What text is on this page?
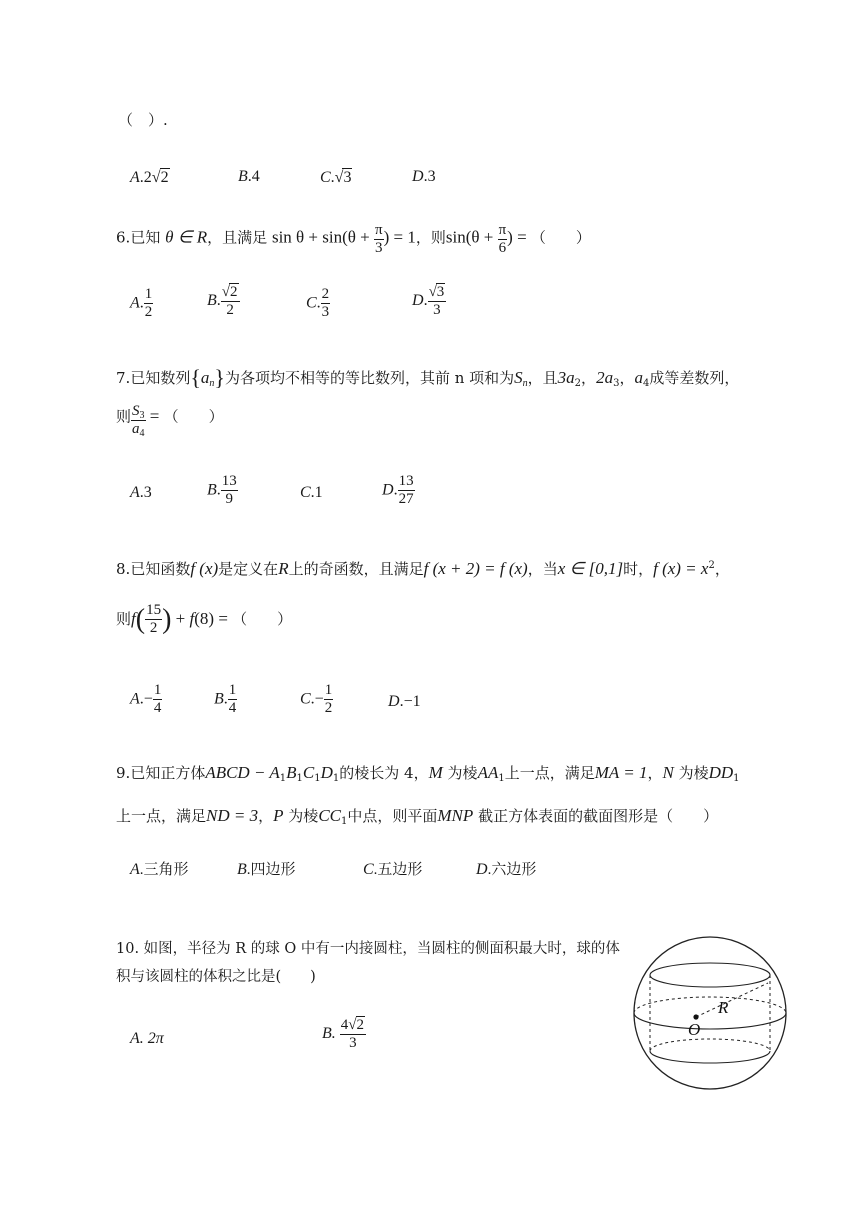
（　）.
A.2√2	B.4	C.√3	D.3
6.已知 θ ∈ R，且满足 $\sin \theta + \sin(\theta + \frac{\pi}{3}$ ) = 1，则$\sin(\theta + \frac{\pi}{6}$ ) = （　　）
A. $\frac{1}{2}$	B. $\frac{√2}{2}$	C. $\frac{2}{3}$	D. $\frac{√3}{3}$
7.已知数列$\{a_n\}$为各项均不相等的等比数列，其前 n 项和为$S_n$，且$3a_2$，$2a_3$，$a_4$成等差数列，
则 $\frac{S_3}{a_4}$ = （　　）
A.3	B. $\frac{13}{9}$	C.1	D. $\frac{13}{27}$
8.已知函数f (x)是定义在R上的奇函数，且满足f (x + 2) = f (x)，当x ∈ [0,1]时，f $(x) = x^2$，
则$f( \frac{15}{2}$ ) + f(8) = （　　）
$A.- \frac{1}{4}$	B. $\frac{1}{4}$	$C.- \frac{1}{2}$	D.−1
9.已知正方体ABCD − $A_1B_1C_1D_1$的棱长为 4，M 为棱$AA_1$上一点，满足MA = 1，N 为棱$DD_1$
上一点，满足ND = 3，P 为棱$CC_1$中点，则平面MNP 截正方体表面的截面图形是（　　）
A.三角形	B.四边形	C.五边形	D.六边形
10. 如图，半径为 R 的球 O 中有一内接圆柱，当圆柱的侧面积最大时，球的体
积与该圆柱的体积之比是(　　)
A. 2π	B. $\frac{4√2}{3}$
R
O
